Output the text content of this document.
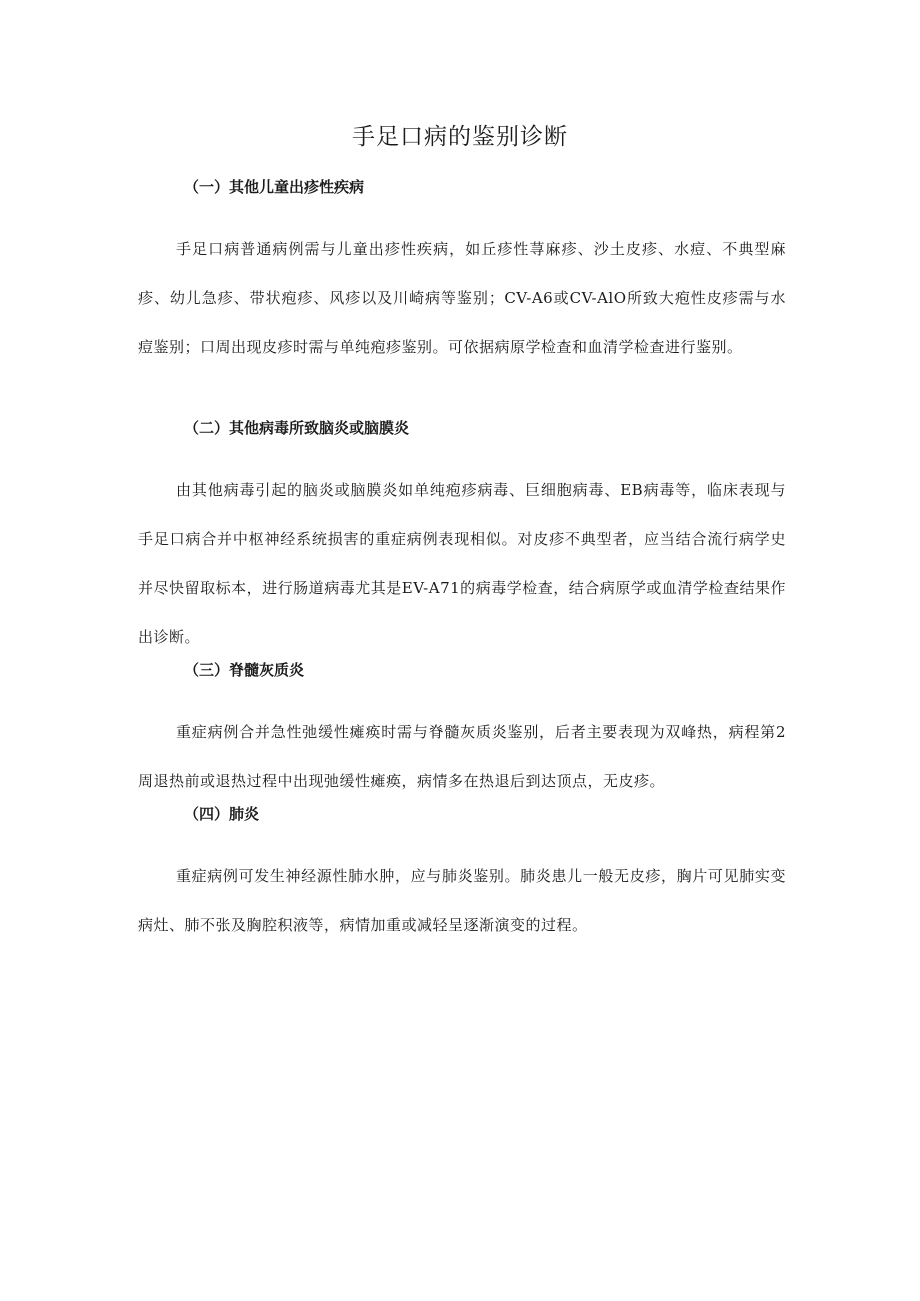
手足口病的鉴别诊断
（一）其他儿童出疹性疾病

手足口病普通病例需与儿童出疹性疾病，如丘疹性荨麻疹、沙土皮疹、水痘、不典型麻疹、幼儿急疹、带状疱疹、风疹以及川崎病等鉴别；CV-A6或CV-AlO所致大疱性皮疹需与水痘鉴别；口周出现皮疹时需与单纯疱疹鉴别。可依据病原学检查和血清学检查进行鉴别。

（二）其他病毒所致脑炎或脑膜炎

由其他病毒引起的脑炎或脑膜炎如单纯疱疹病毒、巨细胞病毒、EB病毒等，临床表现与手足口病合并中枢神经系统损害的重症病例表现相似。对皮疹不典型者，应当结合流行病学史并尽快留取标本，进行肠道病毒尤其是EV-A71的病毒学检查，结合病原学或血清学检查结果作出诊断。

（三）脊髓灰质炎

重症病例合并急性弛缓性瘫痪时需与脊髓灰质炎鉴别，后者主要表现为双峰热，病程第2周退热前或退热过程中出现弛缓性瘫痪，病情多在热退后到达顶点，无皮疹。

（四）肺炎

重症病例可发生神经源性肺水肿，应与肺炎鉴别。肺炎患儿一般无皮疹，胸片可见肺实变病灶、肺不张及胸腔积液等，病情加重或减轻呈逐渐演变的过程。
